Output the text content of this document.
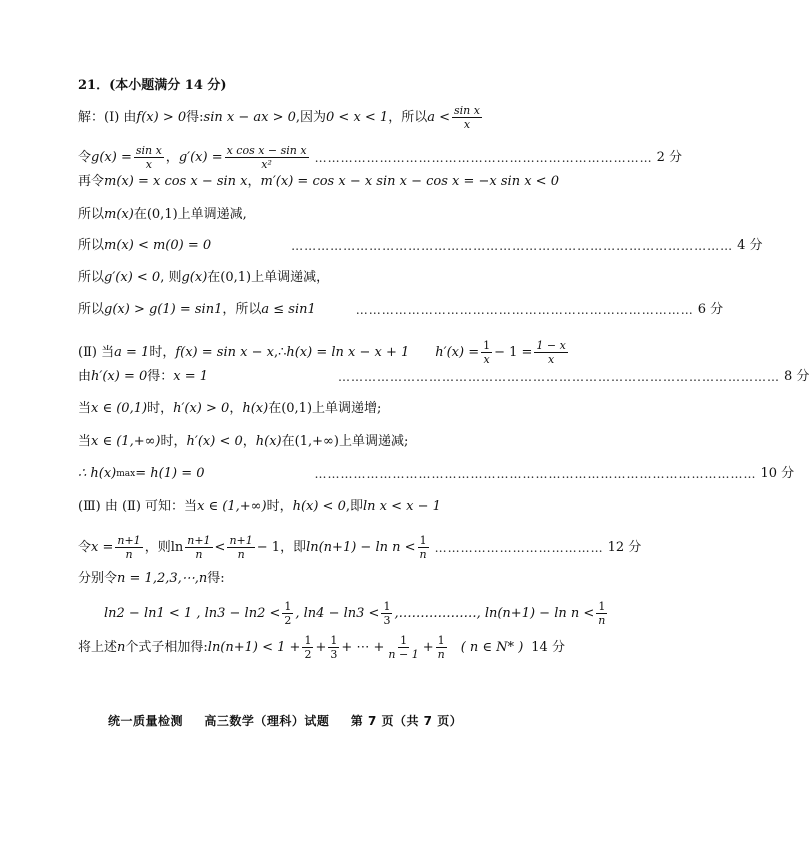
21．(本小题满分 14 分)
解：(Ⅰ) 由 f(x) > 0 得: sin x − ax > 0 ,因为 0 < x < 1 ，所以 $a < \frac{\text{sin x}}{x}$
令 $g(x) = \frac{\text{sin x}}{x}$ ， $g'(x) = \frac{\text{x cos x − sin x}}{\text{x²}}$ …………………………………………………………………… 2 分
再令 m(x) = x cos x − sin x ， m′(x) = cos x − x sin x − cos x = −x sin x < 0
所以 m(x) 在 (0,1) 上单调递减,
所以 m(x) < m(0) = 0	………………………………………………………………………………………… 4 分
所以 g′(x) < 0 , 则 g(x) 在 (0,1) 上单调递减，
所以 g(x) > g(1) = sin1 ，所以 a ≤ sin1	…………………………………………………………………… 6 分
(Ⅱ) 当 a = 1 时， f(x) = sin x − x ,∴ h(x) = ln x − x + 1 $h'(x) = \frac{1}{x} - 1 = \frac{1 - x}{x}$
由 h′(x) = 0 得： x = 1	………………………………………………………………………………………… 8 分
当 x ∈ (0,1) 时， h′(x) > 0 ， h(x) 在 (0,1) 上单调递增;
当 x ∈ (1,+∞) 时， h′(x) < 0 ， h(x) 在 (1,+∞) 上单调递减;
∴ h(x) max = h(1) = 0	………………………………………………………………………………………… 10 分
(Ⅲ) 由 (Ⅱ) 可知：当 x ∈ (1,+∞) 时， h(x) < 0 ,即 ln x < x − 1
令 $x = \frac{n+1}{n}$ ，则 $\ln \frac{n+1}{n} < \frac{n+1}{n} - 1$ ，即 $\ln(n+1) - \ln n < \frac{1}{n}$ ………………………………… 12 分
分别令 n = 1,2,3,⋯,n 得:
ln2 − ln1 < 1 , $\ln 3 - \ln 2 < \frac{1}{2}$ , $\ln 4 - \ln 3 < \frac{1}{3}$ ,………………, $\ln(n+1) - \ln n < \frac{1}{n}$
将上述 n 个式子相加得: $\ln(n+1) < 1 + \frac{1}{2} + \frac{1}{3}$ + ⋯ + $\frac{1}{n - 1} + \frac{1}{n}$ ( n ∈ N* ) 14 分
统一质量检测 高三数学（理科）试题 第 7 页（共 7 页）
